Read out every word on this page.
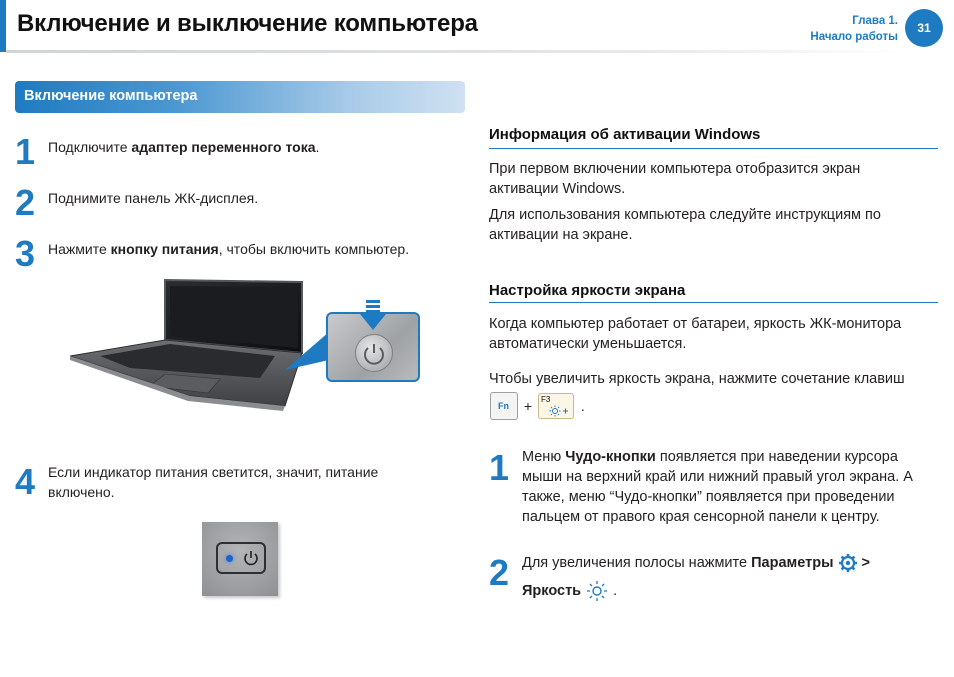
Включение и выключение компьютера	Глава 1.
Начало работы
31
Включение компьютера
1 Подключите адаптер переменного тока.
2 Поднимите панель ЖК-дисплея.
3 Нажмите кнопку питания, чтобы включить компьютер.
4 Если индикатор питания светится, значит, питание включено.
Информация об активации Windows
При первом включении компьютера отобразится экран активации Windows.
Для использования компьютера следуйте инструкциям по активации на экране.
Настройка яркости экрана
Когда компьютер работает от батареи, яркость ЖК-монитора автоматически уменьшается.
Чтобы увеличить яркость экрана, нажмите сочетание клавиш
Fn + F3 .
1 Меню Чудо-кнопки появляется при наведении курсора мыши на верхний край или нижний правый угол экрана. А также, меню “Чудо-кнопки” появляется при проведении пальцем от правого края сенсорной панели к центру.
2 Для увеличения полосы нажмите Параметры >
Яркость .
